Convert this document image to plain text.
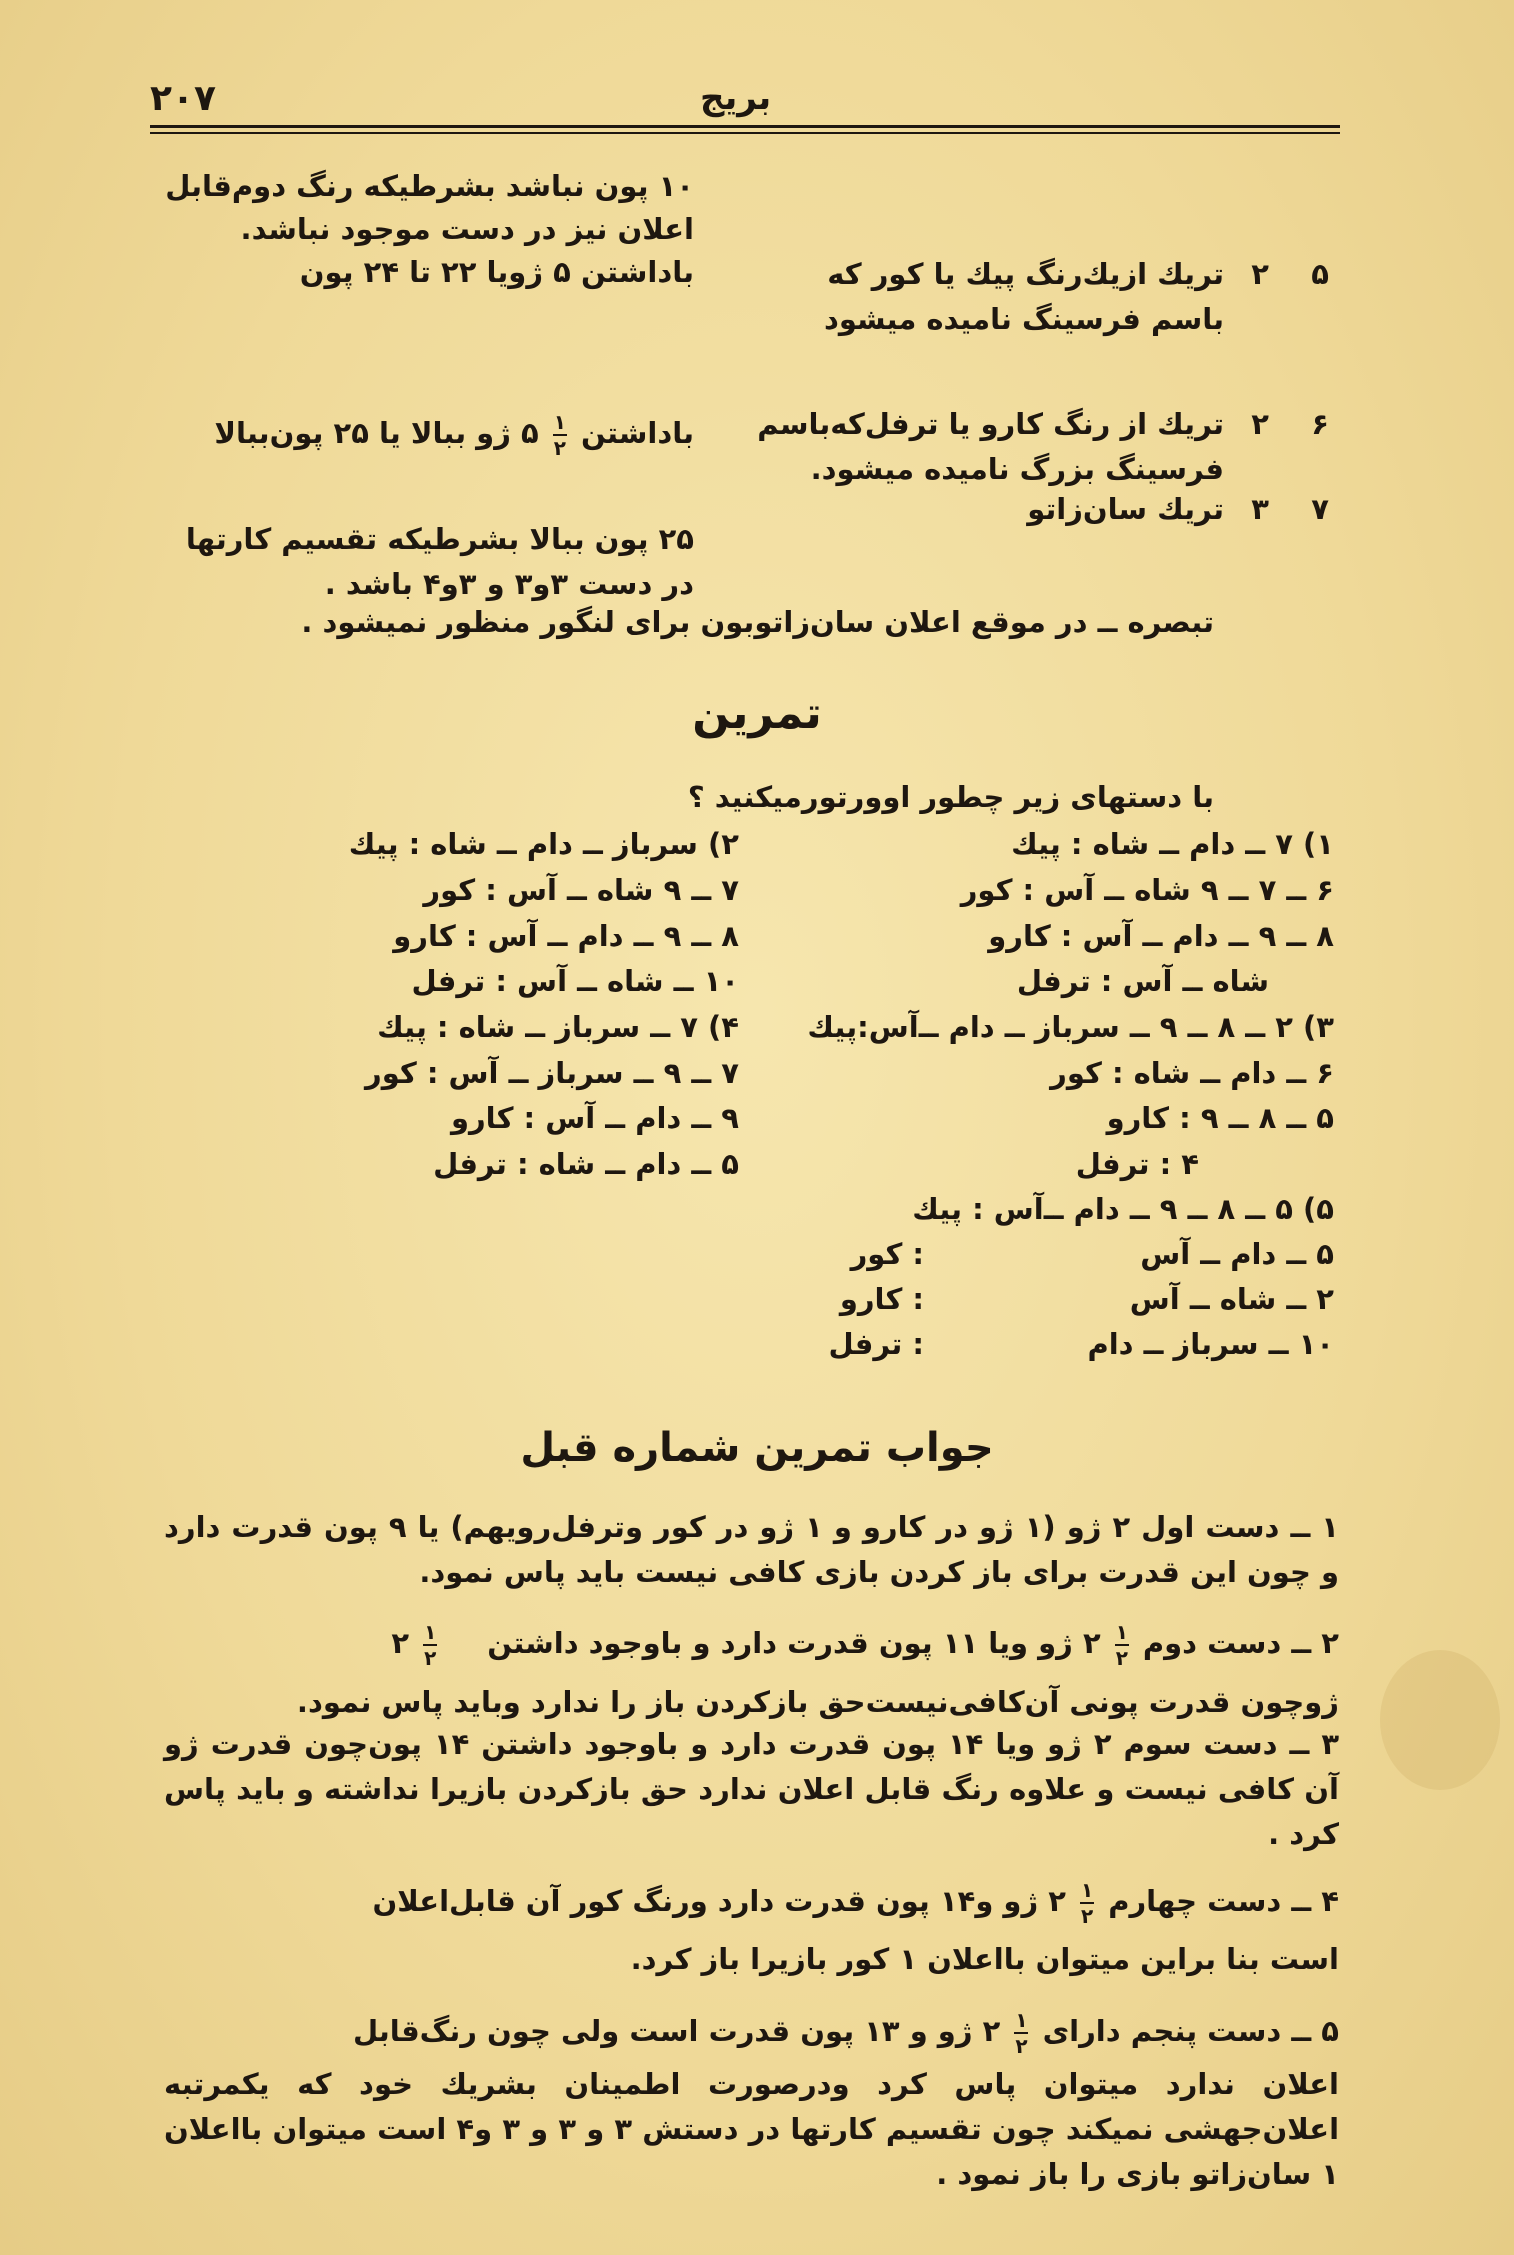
۲۰۷	بریج
۱۰ پون نباشد بشرطیکه رنگ دوم‌قابل
اعلان نیز در دست موجود نباشد.
۵
۲
تریك ازیك‌رنگ پیك یا کور که
باسم فرسینگ نامیده میشود
باداشتن ۵ ژو‌یا ۲۲ تا ۲۴ پون
۶
۲
تریك از رنگ کارو یا ترفل‌که‌باسم
فرسینگ بزرگ نامیده میشود.
باداشتن
$\frac{۱}{۲}$
۵ ژو ببالا یا ۲۵ پون‌ببالا
۷
۳
تریك سان‌زاتو
۲۵ پون ببالا بشرطیکه تقسیم کارتها
در دست ۳و۳ و ۳و۴ باشد .
تبصره ــ در موقع اعلان سان‌زاتو‌بون برای لنگور منظور نمیشود .
تمرین
با دستهای زیر چطور اوور‌تور‌میکنید ؟
۱) ۷ ــ دام ــ شاه : پیك
۶ ــ ۷ ــ ۹ شاه ــ آس : کور
۸ ــ ۹ ــ دام ــ آس : کارو
شاه ــ آس : ترفل
۳) ۲ ــ ۸ ــ ۹ ــ سرباز ــ دام ــ‌آس:‌پیك
۶ ــ دام ــ شاه : کور
۵ ــ ۸ ــ ۹ : کارو
۴ : ترفل
۵) ۵ ــ ۸ ــ ۹ ــ دام ــ‌آس : پیك
۵ ــ دام ــ آس
: کور
۲ ــ شاه ــ آس
: کارو
۱۰ ــ سرباز ــ دام
: ترفل
۲) سرباز ــ دام ــ شاه : پیك
۷ ــ ۹ شاه ــ آس : کور
۸ ــ ۹ ــ دام ــ آس : کارو
۱۰ ــ شاه ــ آس : ترفل
۴) ۷ ــ سرباز ــ شاه : پیك
۷ ــ ۹ ــ سرباز ــ آس : کور
۹ ــ دام ــ آس : کارو
۵ ــ دام ــ شاه : ترفل
جواب تمرین شماره قبل
۱ ــ دست اول ۲ ژو (۱ ژو در کارو و ۱ ژو در کور و‌ترفل‌رو‌یهم) یا ۹ پون قدرت دارد و چون این قدرت برای باز کردن بازی کافی نیست باید پاس نمود.
۲ ــ دست دوم
$\frac{۱}{۲}$
۲ ژو ویا ۱۱ پون قدرت دارد و باوجود داشتن
$\frac{۱}{۲}$
۲
ژو‌چون قدرت پونی آن‌کافی‌نیست‌حق بازکردن باز را ندارد و‌باید پاس نمود.
۳ ــ دست سوم ۲ ژو ویا ۱۴ پون قدرت دارد و باوجود داشتن ۱۴ پون‌چون قدرت ژو آن کافی نیست و علاوه رنگ قابل اعلان ندارد حق بازکردن بازیرا نداشته و باید پاس کرد .
۴ ــ دست چهارم
$\frac{۱}{۲}$
۲ ژو و۱۴ پون قدرت دارد ورنگ کور آن قابل‌اعلان
است بنا براین میتوان بااعلان ۱ کور بازیرا باز کرد.
۵ ــ دست پنجم دارای
$\frac{۱}{۲}$
۲ ژو و ۱۳ پون قدرت است ولی چون رنگ‌قابل
اعلان ندارد میتوان پاس کرد ودرصورت اطمینان بشریك خود که یکمرتبه اعلان‌جهشی نمیکند چون تقسیم کارتها در دستش ۳ و ۳ و ۳ و۴ است میتوان بااعلان ۱ سان‌زاتو بازی را باز نمود .
